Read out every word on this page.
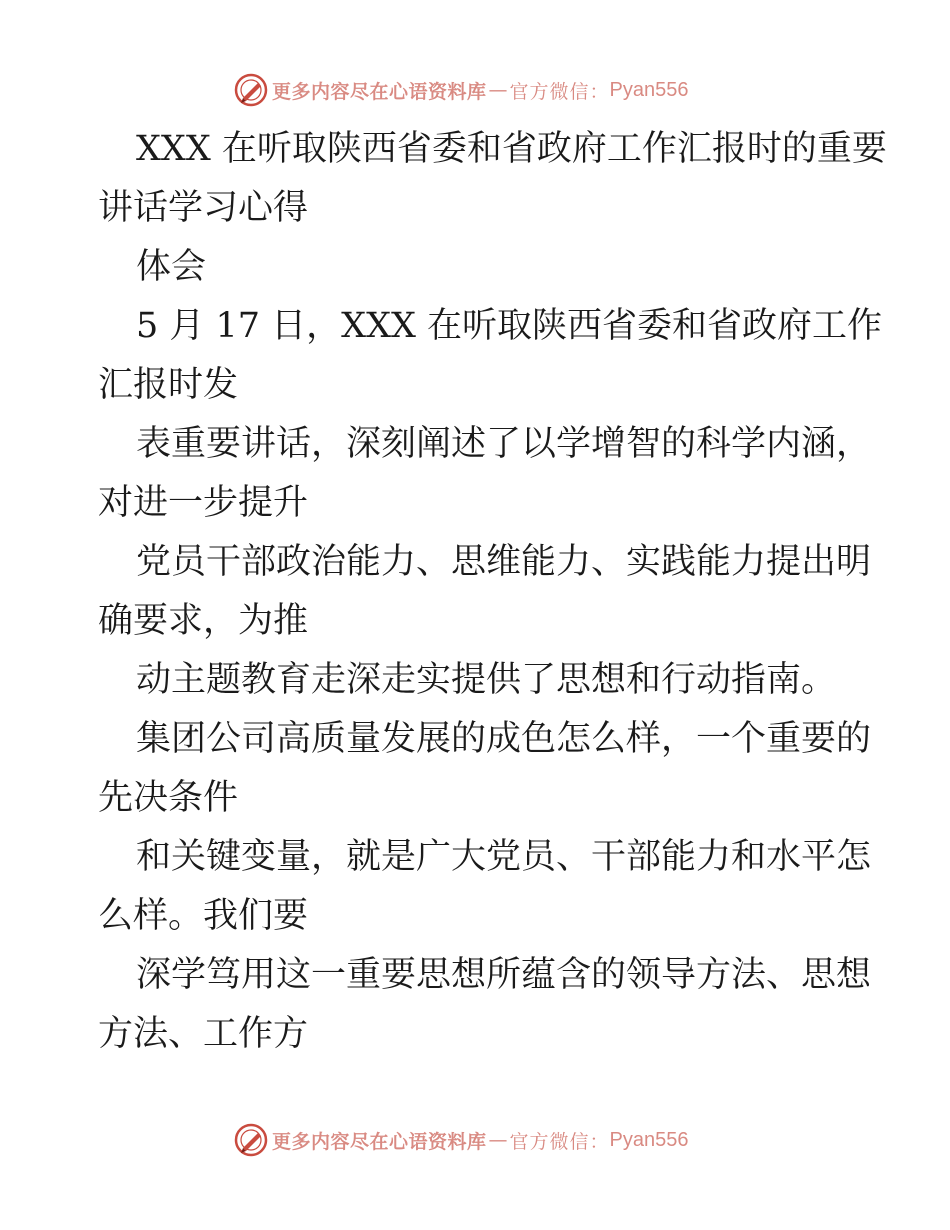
更多内容尽在心语资料库 — 官方微信： Pyan556
XXX 在听取陕西省委和省政府工作汇报时的重要
讲话学习心得
体会
5 月 17 日，XXX 在听取陕西省委和省政府工作
汇报时发
表重要讲话，深刻阐述了以学增智的科学内涵，
对进一步提升
党员干部政治能力、思维能力、实践能力提出明
确要求，为推
动主题教育走深走实提供了思想和行动指南。
集团公司高质量发展的成色怎么样，一个重要的
先决条件
和关键变量，就是广大党员、干部能力和水平怎
么样。我们要
深学笃用这一重要思想所蕴含的领导方法、思想
方法、工作方
更多内容尽在心语资料库 — 官方微信： Pyan556
